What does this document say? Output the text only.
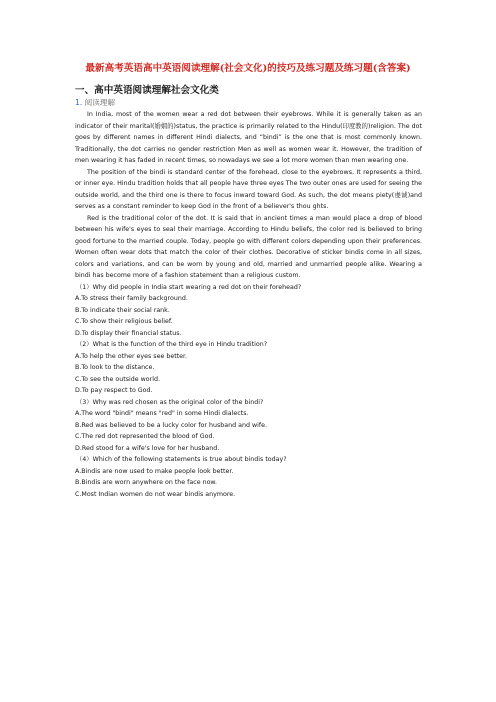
最新高考英语高中英语阅读理解(社会文化)的技巧及练习题及练习题(含答案)
一、高中英语阅读理解社会文化类
1. 阅读理解

In India, most of the women wear a red dot between their eyebrows. While it is generally taken as an indicator of their marital(婚姻的)status, the practice is primarily related to the Hindu(印度教的)religion. The dot goes by different names in different Hindi dialects, and “bindi” is the one that is most commonly known. Traditionally, the dot carries no gender restriction Men as well as women wear it. However, the tradition of men wearing it has faded in recent times, so nowadays we see a lot more women than men wearing one.

The position of the bindi is standard center of the forehead, close to the eyebrows. It represents a third, or inner eye. Hindu tradition holds that all people have three eyes The two outer ones are used for seeing the outside world, and the third one is there to focus inward toward God. As such, the dot means piety(虔诚)and serves as a constant reminder to keep God in the front of a believer's thou ghts.

Red is the traditional color of the dot. It is said that in ancient times a man would place a drop of blood between his wife's eyes to seal their marriage. According to Hindu beliefs, the color red is believed to bring good fortune to the married couple. Today, people go with different colors depending upon their preferences. Women often wear dots that match the color of their clothes. Decorative of sticker bindis come in all sizes, colors and variations, and can be worn by young and old, married and unmarried people alike. Wearing a bindi has become more of a fashion statement than a religious custom.

（1）Why did people in India start wearing a red dot on their forehead?
A.To stress their family background.
B.To indicate their social rank.
C.To show their religious belief.
D.To display their financial status.
（2）What is the function of the third eye in Hindu tradition?
A.To help the other eyes see better.
B.To look to the distance.
C.To see the outside world.
D.To pay respect to God.
（3）Why was red chosen as the original color of the bindi?
A.The word "bindi" means "red" in some Hindi dialects.
B.Red was believed to be a lucky color for husband and wife.
C.The red dot represented the blood of God.
D.Red stood for a wife's love for her husband.
（4）Which of the following statements is true about bindis today?
A.Bindis are now used to make people look better.
B.Bindis are worn anywhere on the face now.
C.Most Indian women do not wear bindis anymore.
